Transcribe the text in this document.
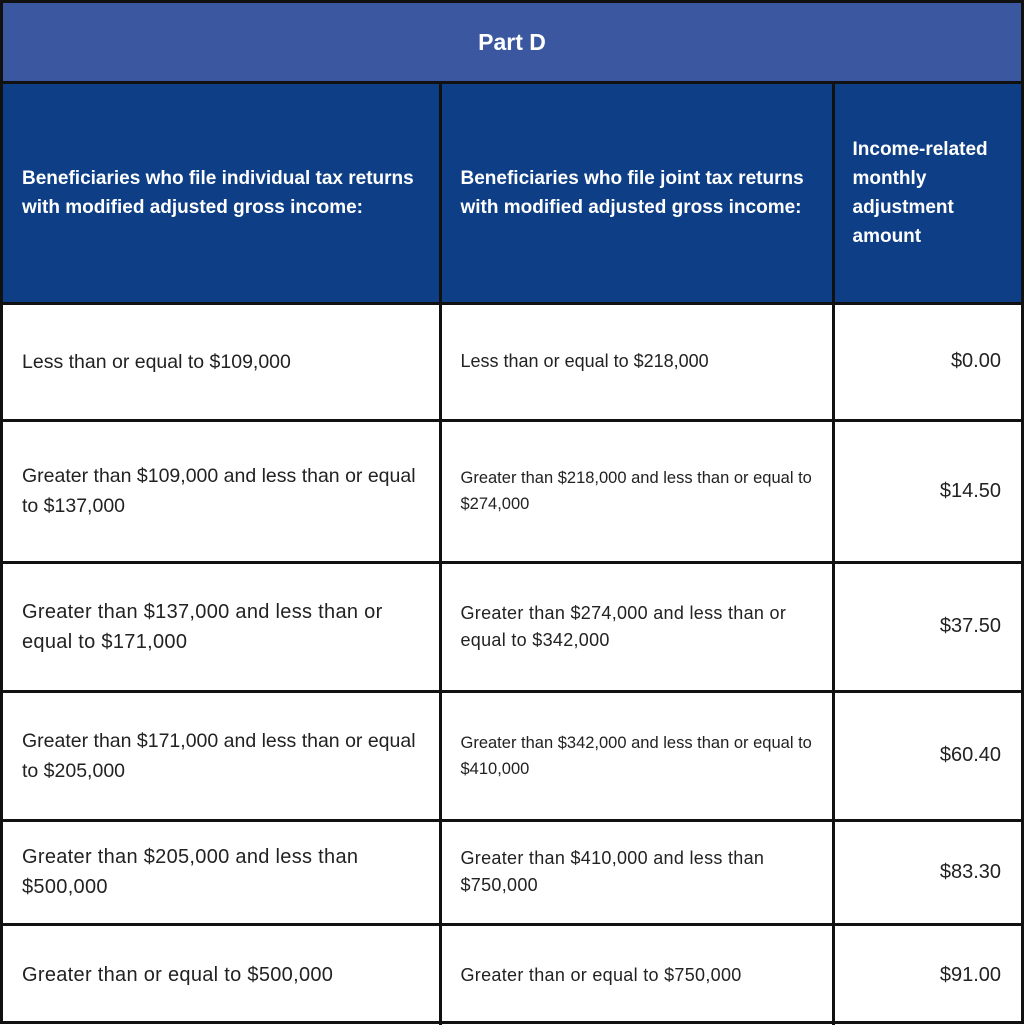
Part D
Beneficiaries who file individual tax returns with modified adjusted gross income:	Beneficiaries who file joint tax returns with modified adjusted gross income:	Income-related monthly adjustment amount
Less than or equal to $109,000	Less than or equal to $218,000	$0.00
Greater than $109,000 and less than or equal to $137,000	Greater than $218,000 and less than or equal to $274,000	$14.50
Greater than $137,000 and less than or equal to $171,000	Greater than $274,000 and less than or equal to $342,000	$37.50
Greater than $171,000 and less than or equal to $205,000	Greater than $342,000 and less than or equal to $410,000	$60.40
Greater than $205,000 and less than $500,000	Greater than $410,000 and less than $750,000	$83.30
Greater than or equal to $500,000	Greater than or equal to $750,000	$91.00
